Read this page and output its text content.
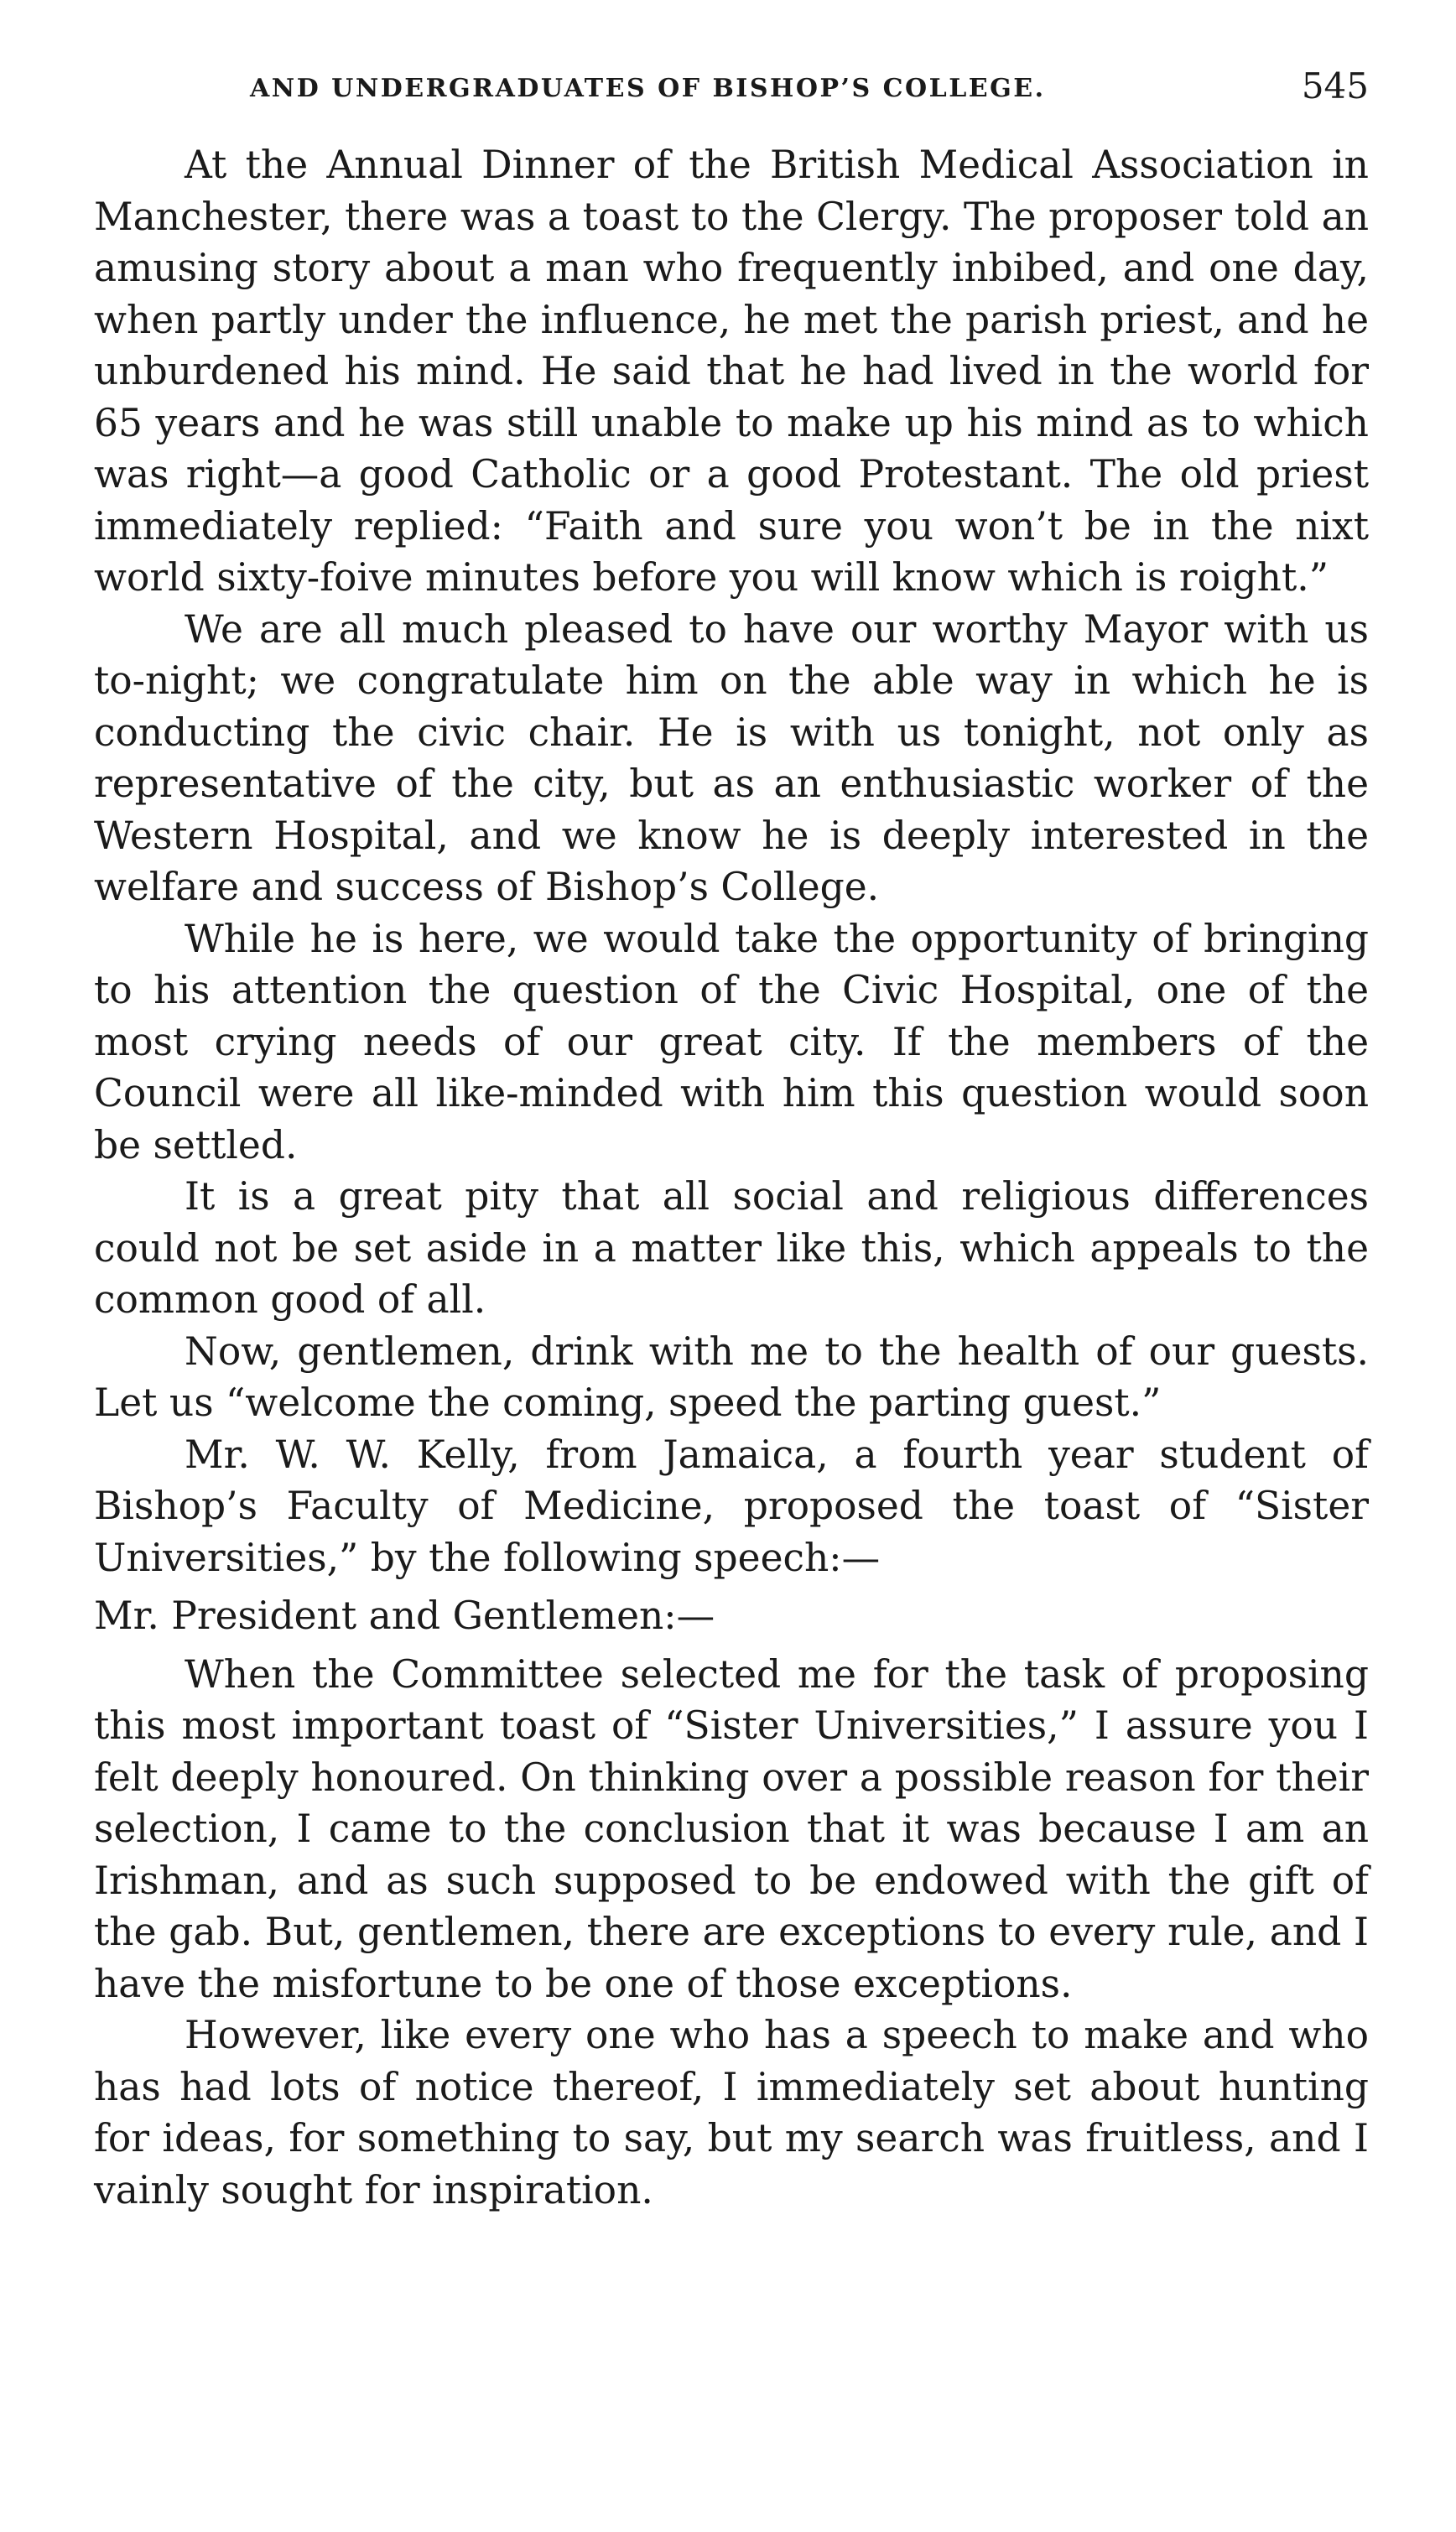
AND UNDERGRADUATES OF BISHOP’S COLLEGE.	545

At the Annual Dinner of the British Medical Association in Manchester, there was a toast to the Clergy. The proposer told an amusing story about a man who frequently inbibed, and one day, when partly under the influence, he met the parish priest, and he unburdened his mind. He said that he had lived in the world for 65 years and he was still unable to make up his mind as to which was right—a good Catholic or a good Protestant. The old priest immediately replied: “Faith and sure you won’t be in the nixt world sixty-foive minutes before you will know which is roight.”

We are all much pleased to have our worthy Mayor with us to-night; we congratulate him on the able way in which he is conducting the civic chair. He is with us tonight, not only as representative of the city, but as an enthusiastic worker of the Western Hospital, and we know he is deeply interested in the welfare and success of Bishop’s College.

While he is here, we would take the opportunity of bringing to his attention the question of the Civic Hospital, one of the most crying needs of our great city. If the members of the Council were all like-minded with him this question would soon be settled.

It is a great pity that all social and religious differences could not be set aside in a matter like this, which appeals to the common good of all.

Now, gentlemen, drink with me to the health of our guests. Let us “welcome the coming, speed the parting guest.”

Mr. W. W. Kelly, from Jamaica, a fourth year student of Bishop’s Faculty of Medicine, proposed the toast of “Sister Universities,” by the following speech:—

Mr. President and Gentlemen:—

When the Committee selected me for the task of proposing this most important toast of “Sister Universities,” I assure you I felt deeply honoured. On thinking over a possible reason for their selection, I came to the conclusion that it was because I am an Irishman, and as such supposed to be endowed with the gift of the gab. But, gentlemen, there are exceptions to every rule, and I have the misfortune to be one of those exceptions.

However, like every one who has a speech to make and who has had lots of notice thereof, I immediately set about hunting for ideas, for something to say, but my search was fruitless, and I vainly sought for inspiration.
